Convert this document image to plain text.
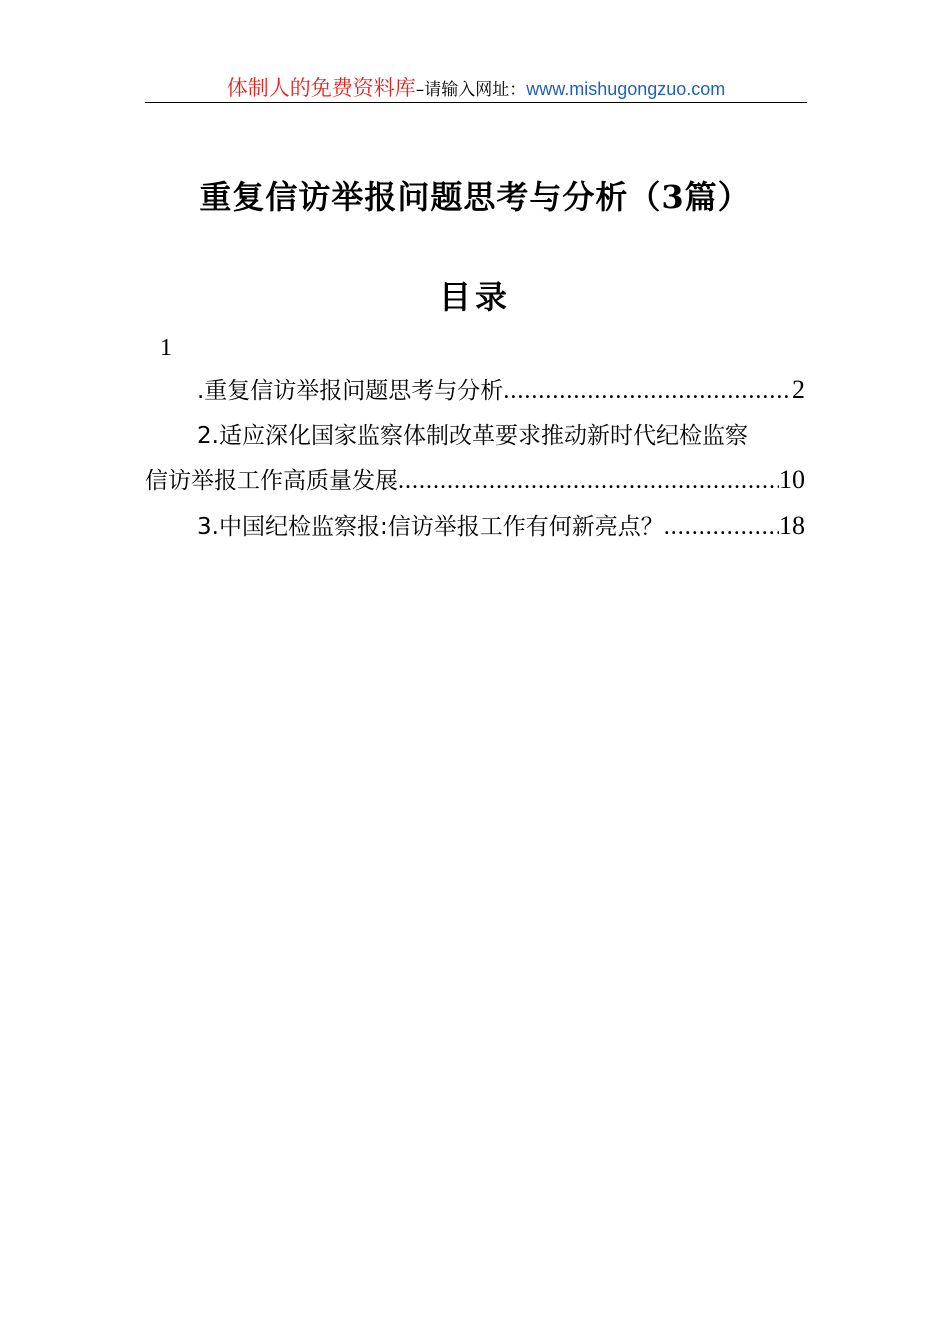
体制人的免费资料库–请输入网址：www.mishugongzuo.com
重复信访举报问题思考与分析（3篇）
目录
1
.重复信访举报问题思考与分析 .....	2
2.适应深化国家监察体制改革要求推动新时代纪检监察
信访举报工作高质量发展 .....	10
3.中国纪检监察报:信访举报工作有何新亮点？ .....	18
